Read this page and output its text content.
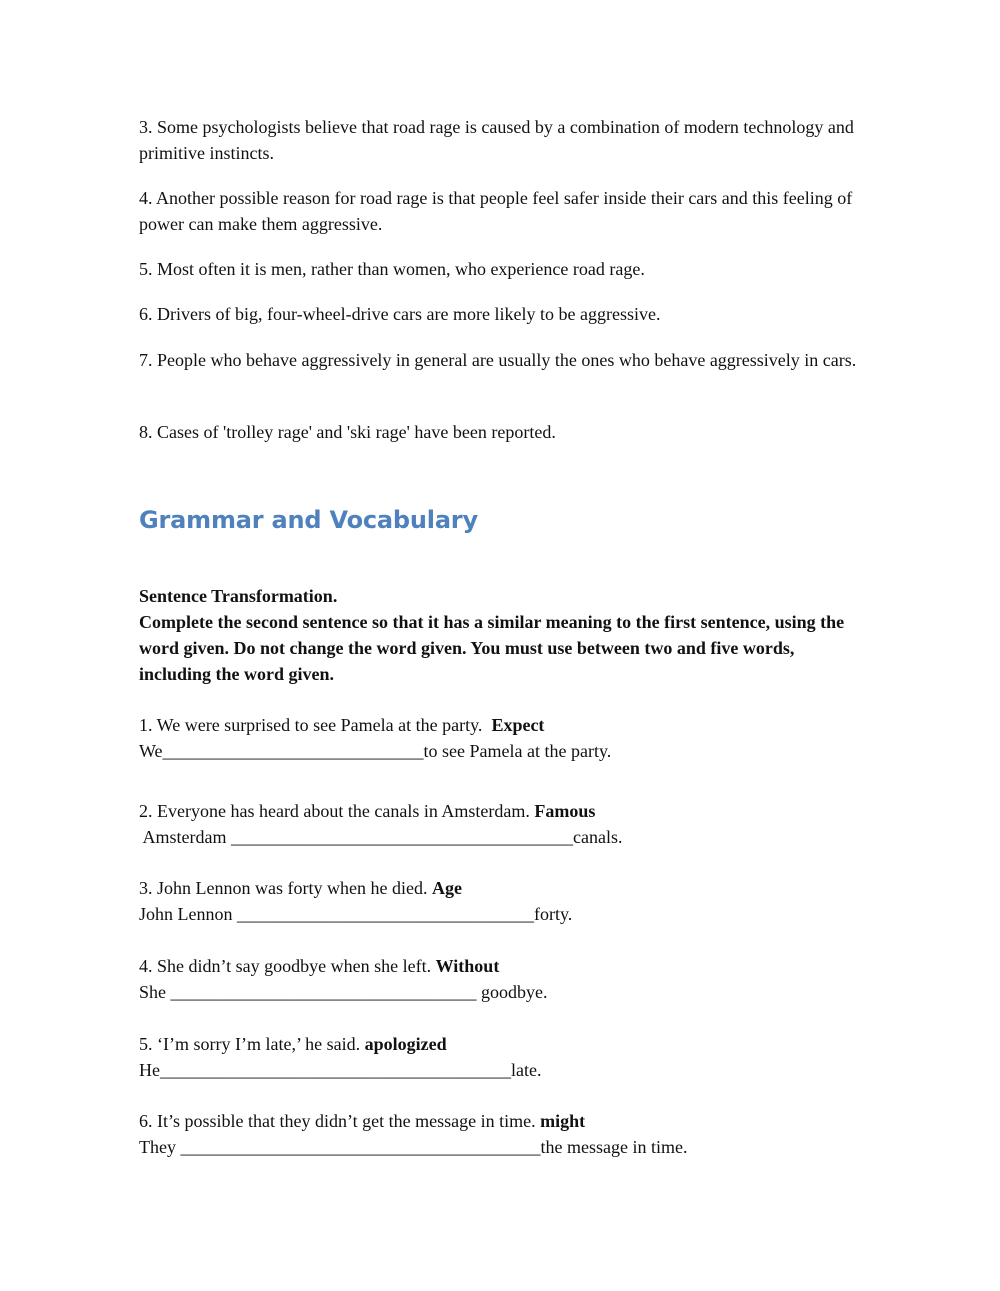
3. Some psychologists believe that road rage is caused by a combination of modern technology and primitive instincts.

4. Another possible reason for road rage is that people feel safer inside their cars and this feeling of power can make them aggressive.

5. Most often it is men, rather than women, who experience road rage.

6. Drivers of big, four-wheel-drive cars are more likely to be aggressive.

7. People who behave aggressively in general are usually the ones who behave aggressively in cars.

8. Cases of 'trolley rage' and 'ski rage' have been reported.

Grammar and Vocabulary
Sentence Transformation.
Complete the second sentence so that it has a similar meaning to the first sentence, using the word given. Do not change the word given. You must use between two and five words, including the word given.
1. We were surprised to see Pamela at the party.  Expect
We_____________________________to see Pamela at the party.
2. Everyone has heard about the canals in Amsterdam. Famous
Amsterdam ______________________________________canals.
3. John Lennon was forty when he died. Age
John Lennon _________________________________forty.
4. She didn’t say goodbye when she left. Without
She __________________________________ goodbye.
5. ‘I’m sorry I’m late,’ he said. apologized
He_______________________________________late.
6. It’s possible that they didn’t get the message in time. might
They ________________________________________the message in time.
